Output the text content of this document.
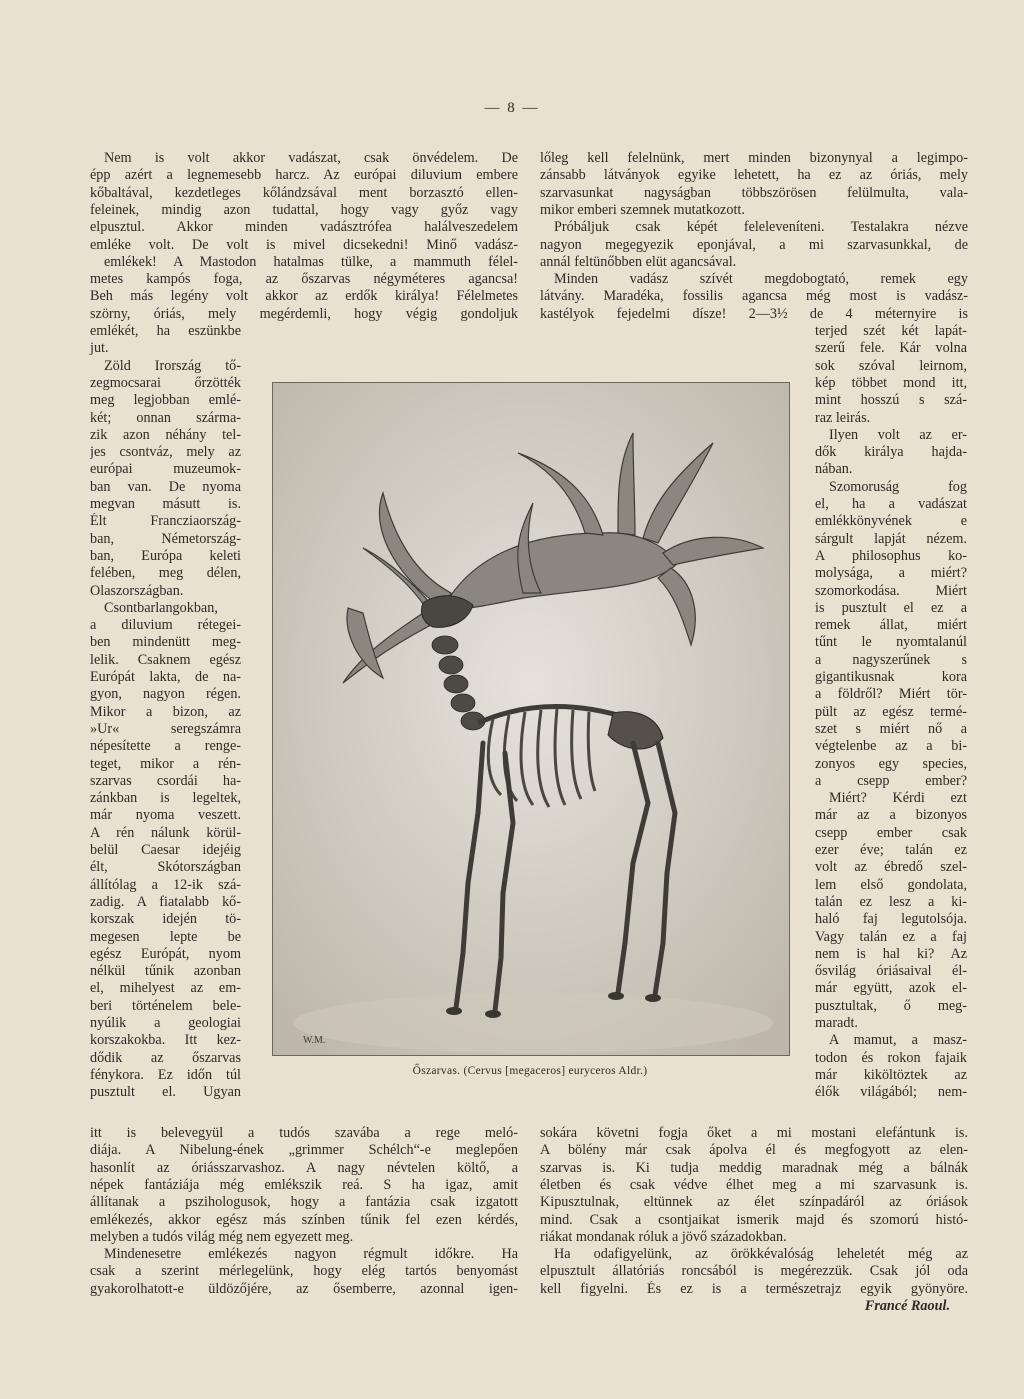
— 8 —
Nem is volt akkor vadászat, csak önvédelem. De
épp azért a legnemesebb harcz. Az európai diluvium embere
kőbaltával, kezdetleges kőlándzsával ment borzasztó ellen-
feleinek, mindig azon tudattal, hogy vagy győz vagy
elpusztul. Akkor minden vadásztrófea halálveszedelem
emléke volt. De volt is mivel dicsekedni! Minő vadász-
emlékek! A Mastodon hatalmas tülke, a mammuth félel-
metes kampós foga, az őszarvas négyméteres agancsa!
Beh más legény volt akkor az erdők királya! Félelmetes
szörny, óriás, mely megérdemli, hogy végig gondoljuk
emlékét, ha eszünkbe
jut.
Zöld Irország tő-
zegmocsarai őrzötték
meg legjobban emlé-
két; onnan szárma-
zik azon néhány tel-
jes csontváz, mely az
európai muzeumok-
ban van. De nyoma
megvan másutt is.
Élt Francziaország-
ban, Németország-
ban, Európa keleti
felében, meg délen,
Olaszországban.
Csontbarlangokban,
a diluvium rétegei-
ben mindenütt meg-
lelik. Csaknem egész
Európát lakta, de na-
gyon, nagyon régen.
Mikor a bizon, az
»Ur« seregszámra
népesítette a renge-
teget, mikor a rén-
szarvas csordái ha-
zánkban is legeltek,
már nyoma veszett.
A rén nálunk körül-
belül Caesar idejéig
élt, Skótországban
állítólag a 12-ik szá-
zadig. A fiatalabb kő-
korszak idején tö-
megesen lepte be
egész Európát, nyom
nélkül tűnik azonban
el, mihelyest az em-
beri történelem bele-
nyúlik a geologiai
korszakokba. Itt kez-
dődik az őszarvas
fénykora. Ez időn túl
pusztult el. Ugyan
itt is belevegyül a tudós szavába a rege meló-
diája. A Nibelung-ének „grimmer Schélch“-e meglepően
hasonlít az óriásszarvashoz. A nagy névtelen költő, a
népek fantáziája még emlékszik reá. S ha igaz, amit
állítanak a pszihologusok, hogy a fantázia csak izgatott
emlékezés, akkor egész más színben tűnik fel ezen kérdés,
melyben a tudós világ még nem egyezett meg.
Mindenesetre emlékezés nagyon régmult időkre. Ha
csak a szerint mérlegelünk, hogy elég tartós benyomást
gyakorolhatott-e üldözőjére, az ősemberre, azonnal igen-
lőleg kell felelnünk, mert minden bizonynyal a legimpo-
zánsabb látványok egyike lehetett, ha ez az óriás, mely
szarvasunkat nagyságban többszörösen felülmulta, vala-
mikor emberi szemnek mutatkozott.
Próbáljuk csak képét feleleveníteni. Testalakra nézve
nagyon megegyezik eponjával, a mi szarvasunkkal, de
annál feltünőbben elüt agancsával.
Minden vadász szívét megdobogtató, remek egy
látvány. Maradéka, fossilis agancsa még most is vadász-
kastélyok fejedelmi dísze! 2—3½ de 4 méternyire is
terjed szét két lapát-
szerű fele. Kár volna
sok szóval leirnom,
kép többet mond itt,
mint hosszú s szá-
raz leirás.
Ilyen volt az er-
dők királya hajda-
nában.
Szomoruság fog
el, ha a vadászat
emlékkönyvének e
sárgult lapját nézem.
A philosophus ko-
molysága, a miért?
szomorkodása. Miért
is pusztult el ez a
remek állat, miért
tűnt le nyomtalanúl
a nagyszerűnek s
gigantikusnak kora
a földről? Miért tör-
pült az egész termé-
szet s miért nő a
végtelenbe az a bi-
zonyos egy species,
a csepp ember?
Miért? Kérdi ezt
már az a bizonyos
csepp ember csak
ezer éve; talán ez
volt az ébredő szel-
lem első gondolata,
talán ez lesz a ki-
haló faj legutolsója.
Vagy talán ez a faj
nem is hal ki? Az
ősvilág óriásaival él-
már együtt, azok el-
pusztultak, ő meg-
maradt.
A mamut, a masz-
todon és rokon fajaik
már kiköltöztek az
élők világából; nem-
sokára követni fogja őket a mi mostani elefántunk is.
A bölény már csak ápolva él és megfogyott az elen-
szarvas is. Ki tudja meddig maradnak még a bálnák
életben és csak védve élhet meg a mi szarvasunk is.
Kipusztulnak, eltünnek az élet színpadáról az óriások
mind. Csak a csontjaikat ismerik majd és szomorú histó-
riákat mondanak róluk a jövő századokban.
Ha odafigyelünk, az örökkévalóság leheletét még az
elpusztult állatóriás roncsából is megérezzük. Csak jól oda
kell figyelni. És ez is a természetrajz egyik gyönyöre.
Francé Raoul.
W.M.
Őszarvas. (Cervus [megaceros] euryceros Aldr.)
